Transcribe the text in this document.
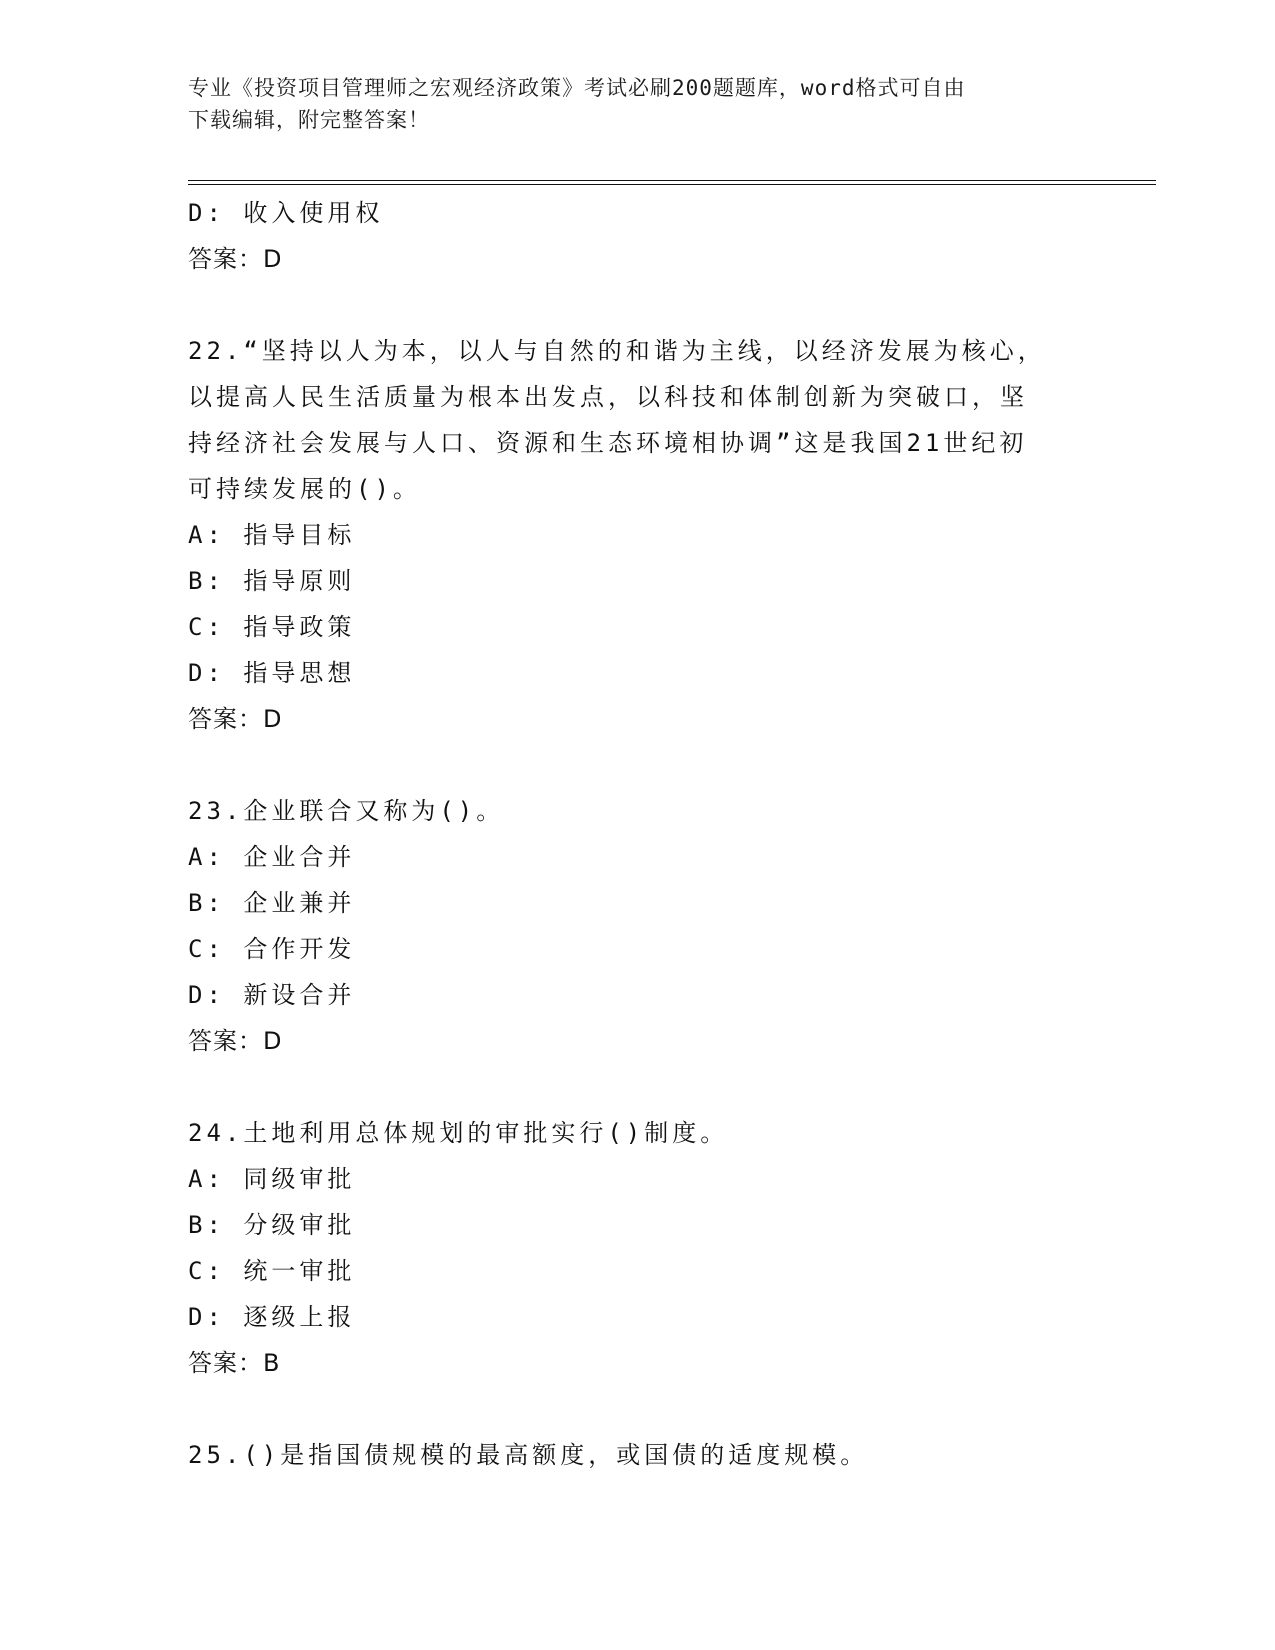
专业《投资项目管理师之宏观经济政策》考试必刷200题题库，word格式可自由
下载编辑，附完整答案！
D: 收入使用权
答案：D
22.“坚持以人为本，以人与自然的和谐为主线，以经济发展为核心，
以提高人民生活质量为根本出发点，以科技和体制创新为突破口，坚
持经济社会发展与人口、资源和生态环境相协调”这是我国21世纪初
可持续发展的()。
A: 指导目标
B: 指导原则
C: 指导政策
D: 指导思想
答案：D
23.企业联合又称为()。
A: 企业合并
B: 企业兼并
C: 合作开发
D: 新设合并
答案：D
24.土地利用总体规划的审批实行()制度。
A: 同级审批
B: 分级审批
C: 统一审批
D: 逐级上报
答案：B
25.()是指国债规模的最高额度，或国债的适度规模。
